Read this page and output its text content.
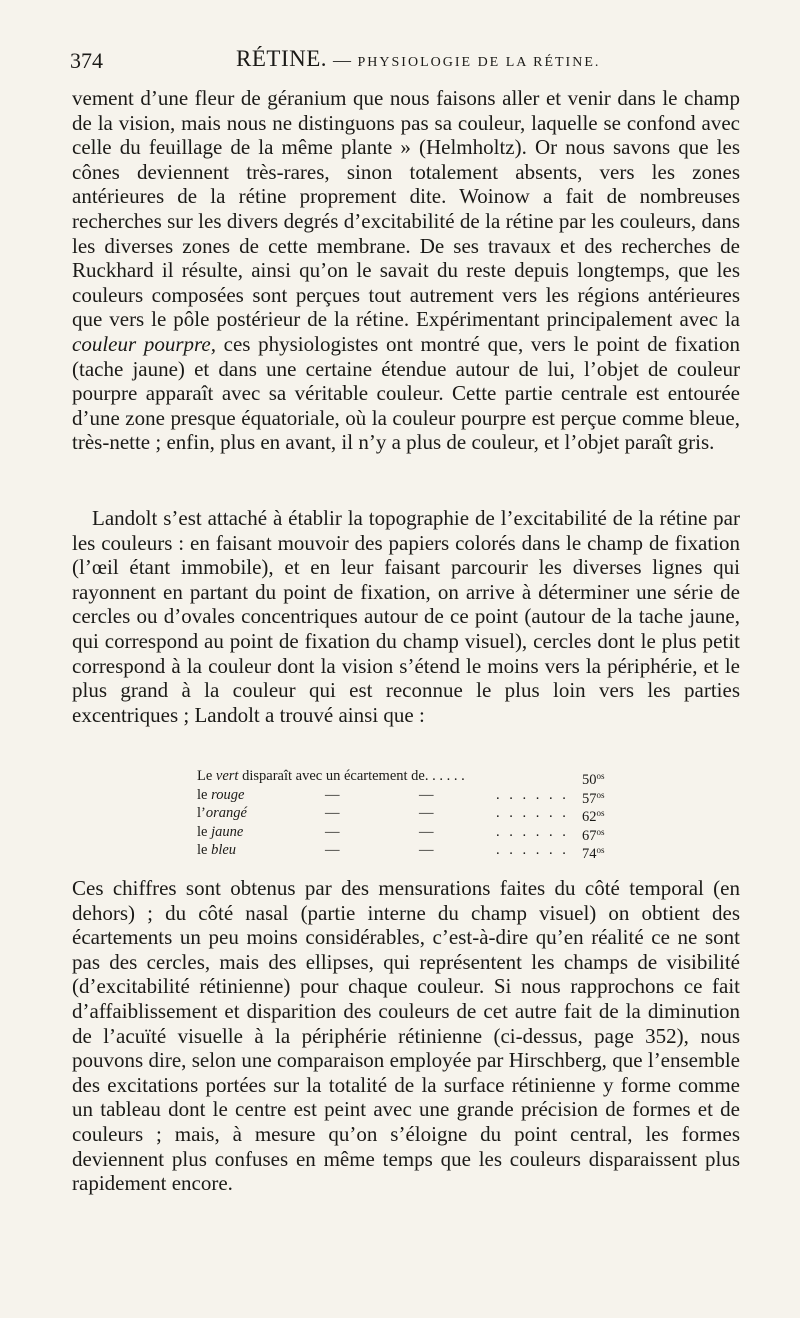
374	RÉTINE. — PHYSIOLOGIE DE LA RÉTINE.

vement d’une fleur de géranium que nous faisons aller et venir dans le champ de la vision, mais nous ne distinguons pas sa couleur, laquelle se confond avec celle du feuillage de la même plante » (Helmholtz). Or nous savons que les cônes deviennent très-rares, sinon totalement absents, vers les zones antérieures de la rétine proprement dite. Woinow a fait de nombreuses recherches sur les divers degrés d’excitabilité de la rétine par les couleurs, dans les diverses zones de cette membrane. De ses travaux et des recherches de Ruckhard il résulte, ainsi qu’on le savait du reste depuis longtemps, que les couleurs composées sont perçues tout autrement vers les régions antérieures que vers le pôle postérieur de la rétine. Expérimentant principalement avec la couleur pourpre, ces physiologistes ont montré que, vers le point de fixation (tache jaune) et dans une certaine étendue autour de lui, l’objet de couleur pourpre apparaît avec sa véritable couleur. Cette partie centrale est entourée d’une zone presque équatoriale, où la couleur pourpre est perçue comme bleue, très-nette ; enfin, plus en avant, il n’y a plus de couleur, et l’objet paraît gris.

Landolt s’est attaché à établir la topographie de l’excitabilité de la rétine par les couleurs : en faisant mouvoir des papiers colorés dans le champ de fixation (l’œil étant immobile), et en leur faisant parcourir les diverses lignes qui rayonnent en partant du point de fixation, on arrive à déterminer une série de cercles ou d’ovales concentriques autour de ce point (autour de la tache jaune, qui correspond au point de fixation du champ visuel), cercles dont le plus petit correspond à la couleur dont la vision s’étend le moins vers la périphérie, et le plus grand à la couleur qui est reconnue le plus loin vers les parties excentriques ; Landolt a trouvé ainsi que :

Le vert disparaît avec un écartement de. . . . . .	$50^{os}$
le rouge	—	—	. . . . . . $57^{os}$
l’orangé	—	—	. . . . . . $62^{os}$
le jaune	—	—	. . . . . . $67^{os}$
le bleu	—	—	. . . . . . $74^{os}$

Ces chiffres sont obtenus par des mensurations faites du côté temporal (en dehors) ; du côté nasal (partie interne du champ visuel) on obtient des écartements un peu moins considérables, c’est-à-dire qu’en réalité ce ne sont pas des cercles, mais des ellipses, qui représentent les champs de visibilité (d’excitabilité rétinienne) pour chaque couleur. Si nous rapprochons ce fait d’affaiblissement et disparition des couleurs de cet autre fait de la diminution de l’acuïté visuelle à la périphérie rétinienne (ci-dessus, page 352), nous pouvons dire, selon une comparaison employée par Hirschberg, que l’ensemble des excitations portées sur la totalité de la surface rétinienne y forme comme un tableau dont le centre est peint avec une grande précision de formes et de couleurs ; mais, à mesure qu’on s’éloigne du point central, les formes deviennent plus confuses en même temps que les couleurs disparaissent plus rapidement encore.
